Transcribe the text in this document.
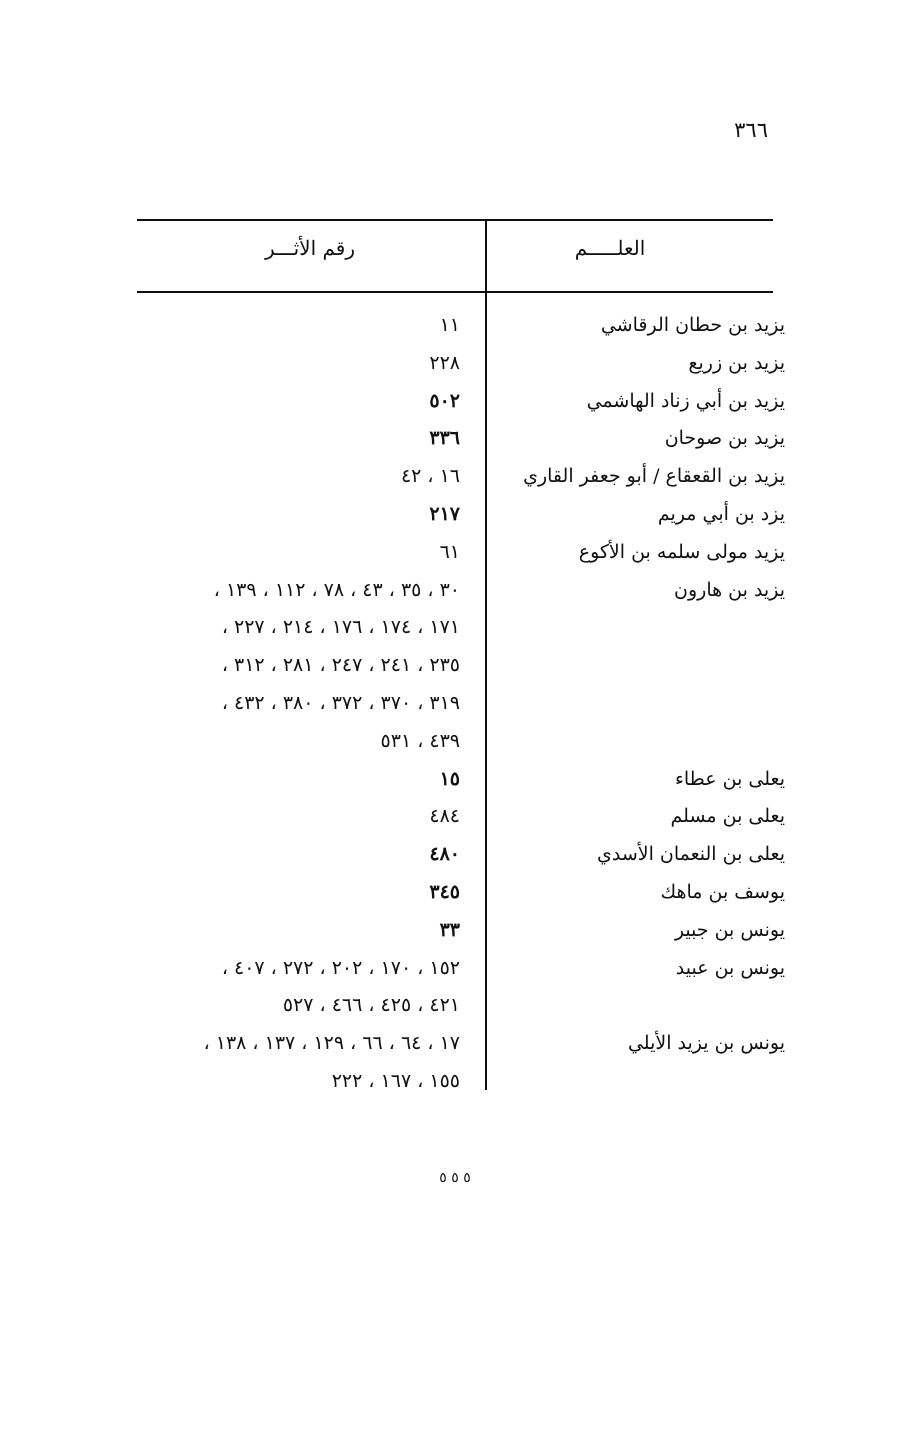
٣٦٦
العلـــــم
رقم الأثـــر
يزيد بن حطان الرقاشي
١١
يزيد بن زريع
٢٢٨
يزيد بن أبي زناد الهاشمي
٥٠٢
يزيد بن صوحان
٣٣٦
يزيد بن القعقاع / أبو جعفر القاري
١٦ ، ٤٢
يزد بن أبي مريم
٢١٧
يزيد مولى سلمه بن الأكوع
٦١
يزيد بن هارون
٣٠ ، ٣٥ ، ٤٣ ، ٧٨ ، ١١٢ ، ١٣٩ ،
١٧١ ، ١٧٤ ، ١٧٦ ، ٢١٤ ، ٢٢٧ ،
٢٣٥ ، ٢٤١ ، ٢٤٧ ، ٢٨١ ، ٣١٢ ،
٣١٩ ، ٣٧٠ ، ٣٧٢ ، ٣٨٠ ، ٤٣٢ ،
٤٣٩ ، ٥٣١
يعلى بن عطاء
١٥
يعلى بن مسلم
٤٨٤
يعلى بن النعمان الأسدي
٤٨٠
يوسف بن ماهك
٣٤٥
يونس بن جبير
٣٣
يونس بن عبيد
١٥٢ ، ١٧٠ ، ٢٠٢ ، ٢٧٢ ، ٤٠٧ ،
٤٢١ ، ٤٢٥ ، ٤٦٦ ، ٥٢٧
يونس بن يزيد الأيلي
١٧ ، ٦٤ ، ٦٦ ، ١٢٩ ، ١٣٧ ، ١٣٨ ،
١٥٥ ، ١٦٧ ، ٢٢٢
٥ ٥ ٥
